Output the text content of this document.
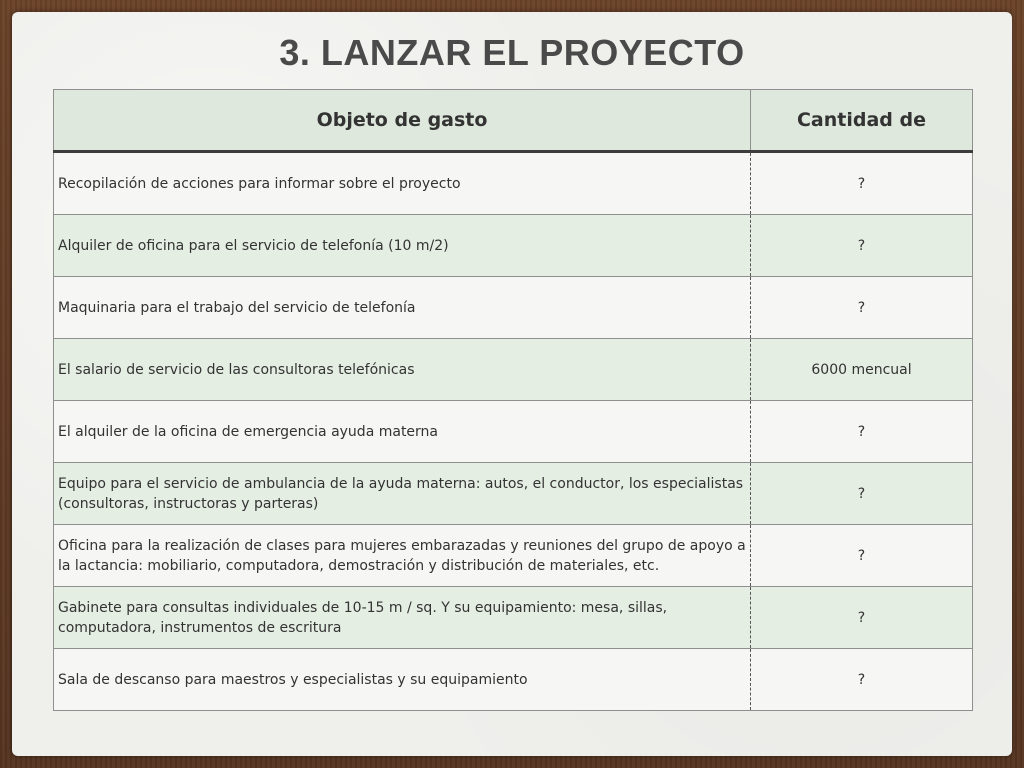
3. LANZAR EL PROYECTO
Objeto de gasto	Cantidad de
Recopilación de acciones para informar sobre el proyecto	?
Alquiler de oficina para el servicio de telefonía (10 m/2)	?
Maquinaria para el trabajo del servicio de telefonía	?
El salario de servicio de las consultoras telefónicas	6000 mencual
El alquiler de la oficina de emergencia ayuda materna	?
Equipo para el servicio de ambulancia de la ayuda materna: autos, el conductor, los especialistas (consultoras, instructoras y parteras)	?
Oficina para la realización de clases para mujeres embarazadas y reuniones del grupo de apoyo a la lactancia: mobiliario, computadora, demostración y distribución de materiales, etc.	?
Gabinete para consultas individuales de 10-15 m / sq. Y su equipamiento: mesa, sillas, computadora, instrumentos de escritura	?
Sala de descanso para maestros y especialistas y su equipamiento	?
